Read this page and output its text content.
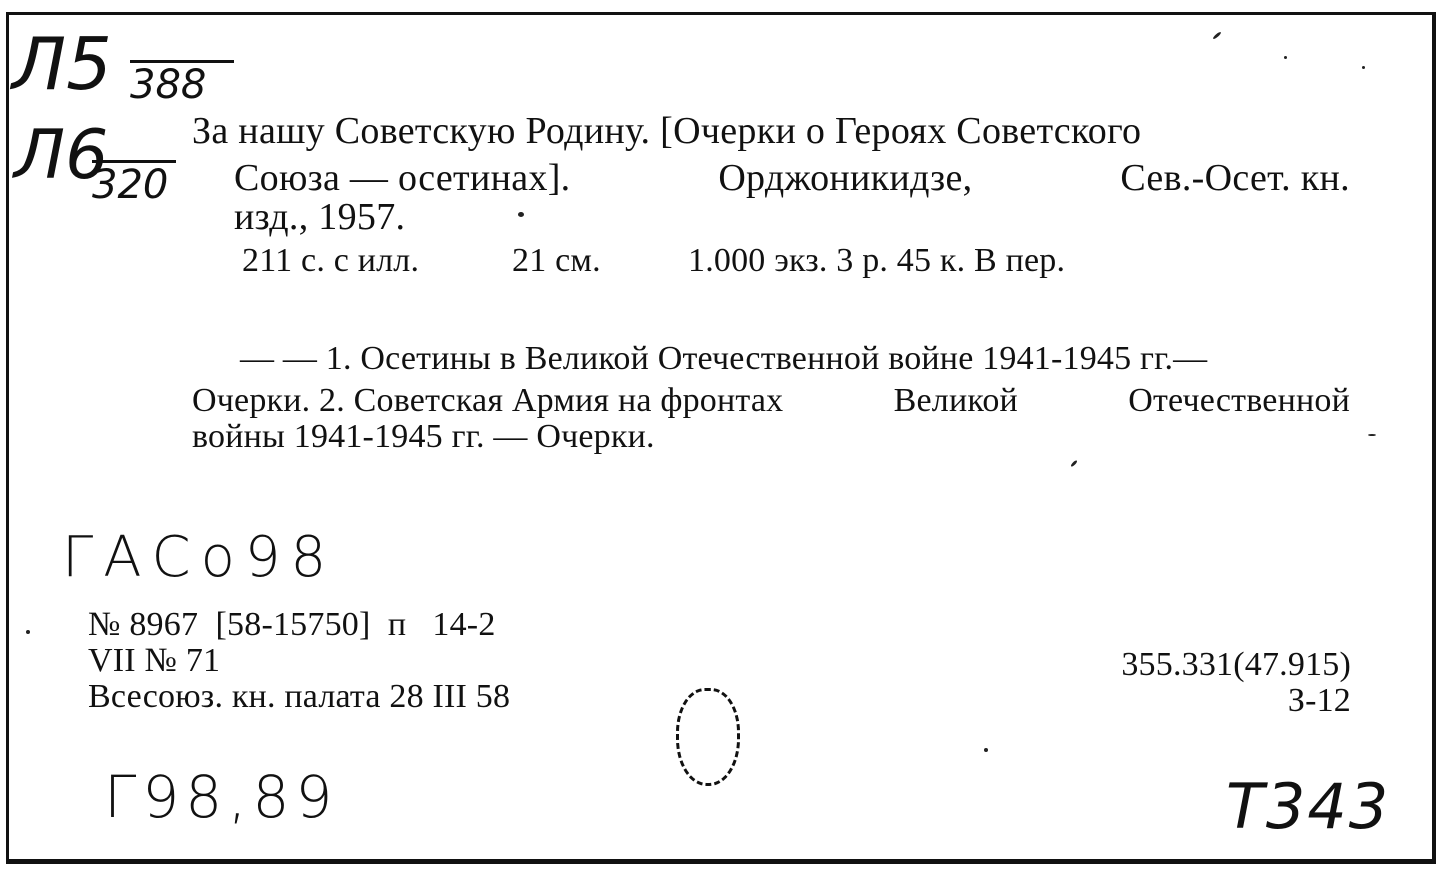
Л5 388
Л6
320
За нашу Советскую Родину. [Очерки о Героях Советского
Союза — осетинах].	Орджоникидзе,	Сев.-Осет. кн.
изд., 1957.
211 с. с илл.	21 см.	1.000 экз. 3 р. 45 к. В пер.
— — 1. Осетины в Великой Отечественной войне 1941-1945 гг.—
Очерки. 2. Советская Армия на фронтах	Великой	Отечественной
войны 1941-1945 гг. — Очерки.
ГАСо98
№ 8967  [58-15750]  п   14-2
VII № 71
Всесоюз. кн. палата 28 III 58
355.331(47.915)
З-12
Г98,89	Т343
